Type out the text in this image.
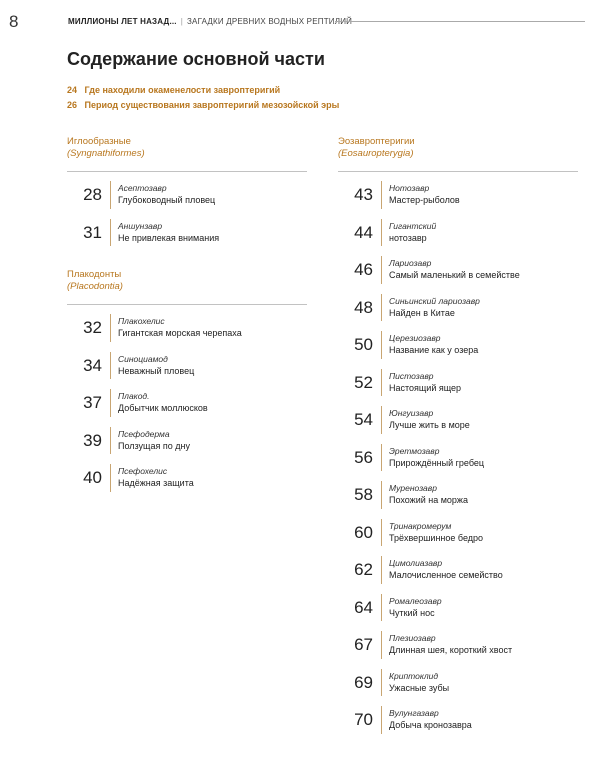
8	МИЛЛИОНЫ ЛЕТ НАЗАД... | ЗАГАДКИ ДРЕВНИХ ВОДНЫХ РЕПТИЛИЙ
Содержание основной части
24 Где находили окаменелости завроптеригий
26 Период существования завроптеригий мезозойской эры
Иглообразные
(Syngnathiformes)
28 Асептозавр
Глубоководный пловец
31 Аншунзавр
Не привлекая внимания
Плакодонты
(Placodontia)
32 Плакохелис
Гигантская морская черепаха
34 Синоциамод
Неважный пловец
37 Плакод.
Добытчик моллюсков
39 Псефодерма
Ползущая по дну
40 Псефохелис
Надёжная защита
Эозавроптеригии
(Eosauropterygia)
43 Нотозавр
Мастер-рыболов
44 Гигантский
нотозавр
46 Лариозавр
Самый маленький в семействе
48 Синьинский лариозавр
Найден в Китае
50 Церезиозавр
Название как у озера
52 Пистозавр
Настоящий ящер
54 Юнгуизавр
Лучше жить в море
56 Эретмозавр
Прирождённый гребец
58 Муренозавр
Похожий на моржа
60 Тринакромерум
Трёхвершинное бедро
62 Цимолиазавр
Малочисленное семейство
64 Ромалеозавр
Чуткий нос
67 Плезиозавр
Длинная шея, короткий хвост
69 Криптоклид
Ужасные зубы
70 Вулунгазавр
Добыча кронозавра
